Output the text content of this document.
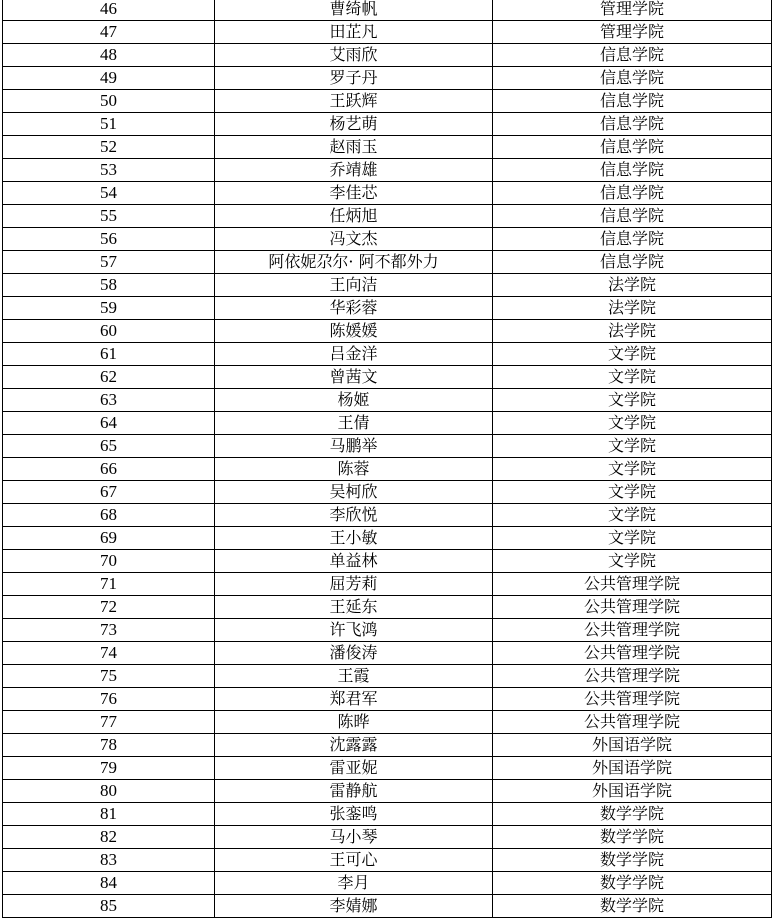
46	曹绮帆	管理学院
47	田芷凡	管理学院
48	艾雨欣	信息学院
49	罗子丹	信息学院
50	王跃辉	信息学院
51	杨艺萌	信息学院
52	赵雨玉	信息学院
53	乔靖雄	信息学院
54	李佳芯	信息学院
55	任炳旭	信息学院
56	冯文杰	信息学院
57	阿依妮尕尔· 阿不都外力	信息学院
58	王向洁	法学院
59	华彩蓉	法学院
60	陈媛媛	法学院
61	吕金洋	文学院
62	曾茜文	文学院
63	杨姬	文学院
64	王倩	文学院
65	马鹏举	文学院
66	陈蓉	文学院
67	吴柯欣	文学院
68	李欣悦	文学院
69	王小敏	文学院
70	单益林	文学院
71	屈芳莉	公共管理学院
72	王延东	公共管理学院
73	许飞鸿	公共管理学院
74	潘俊涛	公共管理学院
75	王霞	公共管理学院
76	郑君军	公共管理学院
77	陈晔	公共管理学院
78	沈露露	外国语学院
79	雷亚妮	外国语学院
80	雷静航	外国语学院
81	张銮鸣	数学学院
82	马小琴	数学学院
83	王可心	数学学院
84	李月	数学学院
85	李婧娜	数学学院
